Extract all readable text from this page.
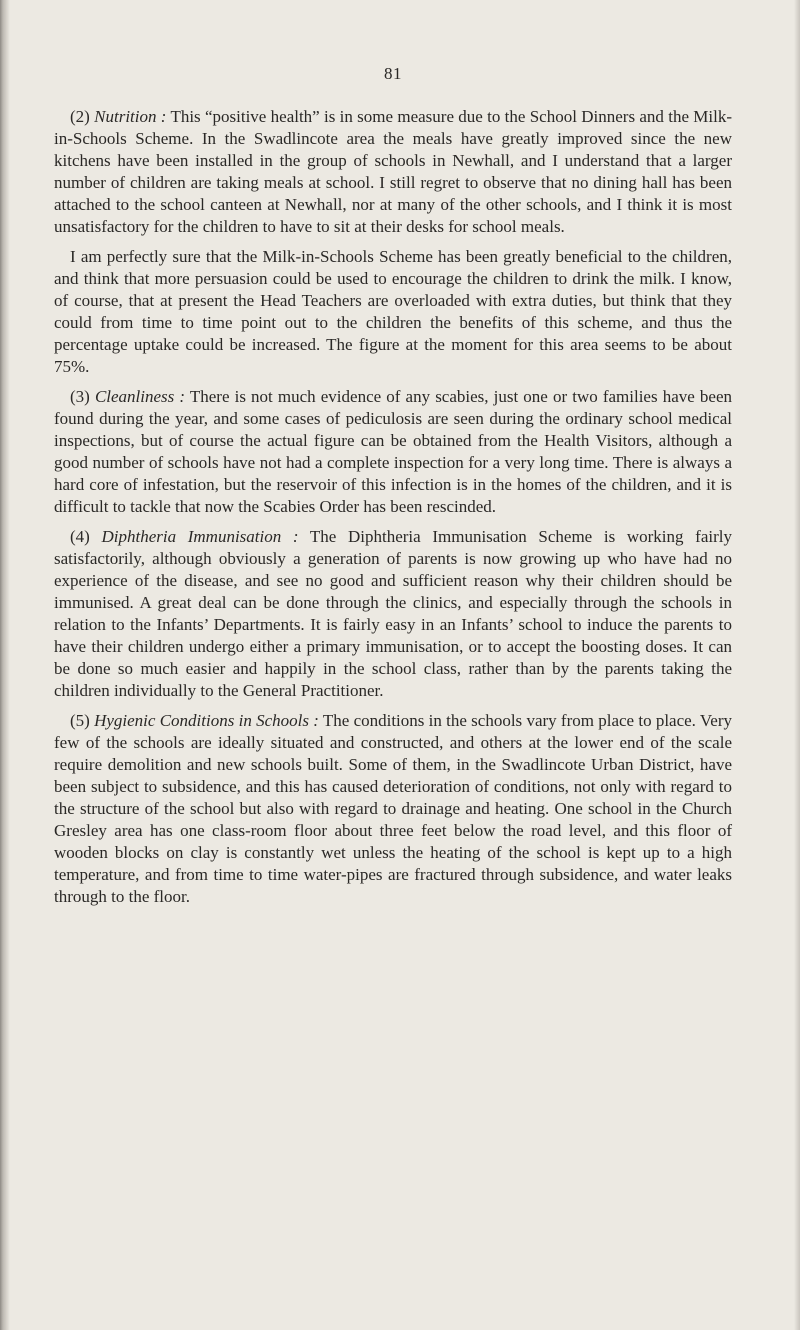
81

(2) Nutrition : This “positive health” is in some measure due to the School Dinners and the Milk-in-Schools Scheme. In the Swadlincote area the meals have greatly improved since the new kitchens have been installed in the group of schools in Newhall, and I understand that a larger number of children are taking meals at school. I still regret to observe that no dining hall has been attached to the school canteen at Newhall, nor at many of the other schools, and I think it is most unsatisfactory for the children to have to sit at their desks for school meals.

I am perfectly sure that the Milk-in-Schools Scheme has been greatly beneficial to the children, and think that more persuasion could be used to encourage the children to drink the milk. I know, of course, that at present the Head Teachers are overloaded with extra duties, but think that they could from time to time point out to the children the benefits of this scheme, and thus the percentage uptake could be increased. The figure at the moment for this area seems to be about 75%.

(3) Cleanliness : There is not much evidence of any scabies, just one or two families have been found during the year, and some cases of pediculosis are seen during the ordinary school medical inspections, but of course the actual figure can be obtained from the Health Visitors, although a good number of schools have not had a complete inspection for a very long time. There is always a hard core of infestation, but the reservoir of this infection is in the homes of the children, and it is difficult to tackle that now the Scabies Order has been rescinded.

(4) Diphtheria Immunisation : The Diphtheria Immunisation Scheme is working fairly satisfactorily, although obviously a generation of parents is now growing up who have had no experience of the disease, and see no good and sufficient reason why their children should be immunised. A great deal can be done through the clinics, and especially through the schools in relation to the Infants’ Departments. It is fairly easy in an Infants’ school to induce the parents to have their children undergo either a primary immunisation, or to accept the boosting doses. It can be done so much easier and happily in the school class, rather than by the parents taking the children individually to the General Practitioner.

(5) Hygienic Conditions in Schools : The conditions in the schools vary from place to place. Very few of the schools are ideally situated and constructed, and others at the lower end of the scale require demolition and new schools built. Some of them, in the Swadlincote Urban District, have been subject to subsidence, and this has caused deterioration of conditions, not only with regard to the structure of the school but also with regard to drainage and heating. One school in the Church Gresley area has one class-room floor about three feet below the road level, and this floor of wooden blocks on clay is constantly wet unless the heating of the school is kept up to a high temperature, and from time to time water-pipes are fractured through subsidence, and water leaks through to the floor.
